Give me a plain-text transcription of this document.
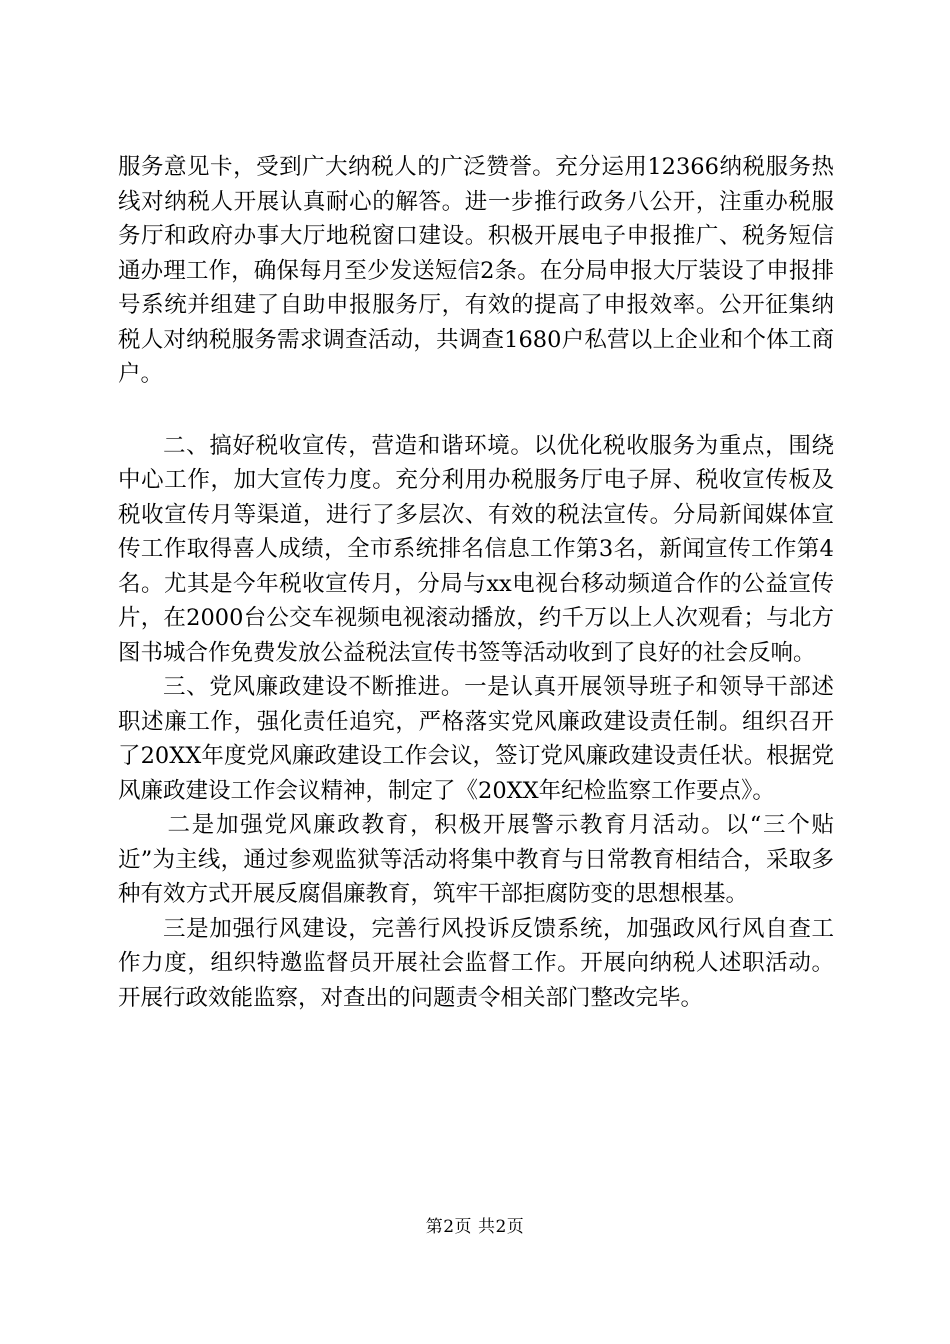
服务意见卡，受到广大纳税人的广泛赞誉。充分运用12366纳税服务热线对纳税人开展认真耐心的解答。进一步推行政务八公开，注重办税服务厅和政府办事大厅地税窗口建设。积极开展电子申报推广、税务短信通办理工作，确保每月至少发送短信2条。在分局申报大厅装设了申报排号系统并组建了自助申报服务厅，有效的提高了申报效率。公开征集纳税人对纳税服务需求调查活动，共调查1680户私营以上企业和个体工商户。

二、搞好税收宣传，营造和谐环境。以优化税收服务为重点，围绕中心工作，加大宣传力度。充分利用办税服务厅电子屏、税收宣传板及税收宣传月等渠道，进行了多层次、有效的税法宣传。分局新闻媒体宣传工作取得喜人成绩，全市系统排名信息工作第3名，新闻宣传工作第4名。尤其是今年税收宣传月，分局与xx电视台移动频道合作的公益宣传片，在2000台公交车视频电视滚动播放，约千万以上人次观看；与北方图书城合作免费发放公益税法宣传书签等活动收到了良好的社会反响。

三、党风廉政建设不断推进。一是认真开展领导班子和领导干部述职述廉工作，强化责任追究，严格落实党风廉政建设责任制。组织召开了20XX年度党风廉政建设工作会议，签订党风廉政建设责任状。根据党风廉政建设工作会议精神，制定了《20XX年纪检监察工作要点》。

二是加强党风廉政教育，积极开展警示教育月活动。以“三个贴近”为主线，通过参观监狱等活动将集中教育与日常教育相结合，采取多种有效方式开展反腐倡廉教育，筑牢干部拒腐防变的思想根基。

三是加强行风建设，完善行风投诉反馈系统，加强政风行风自查工作力度，组织特邀监督员开展社会监督工作。开展向纳税人述职活动。开展行政效能监察，对查出的问题责令相关部门整改完毕。

第2页 共2页
